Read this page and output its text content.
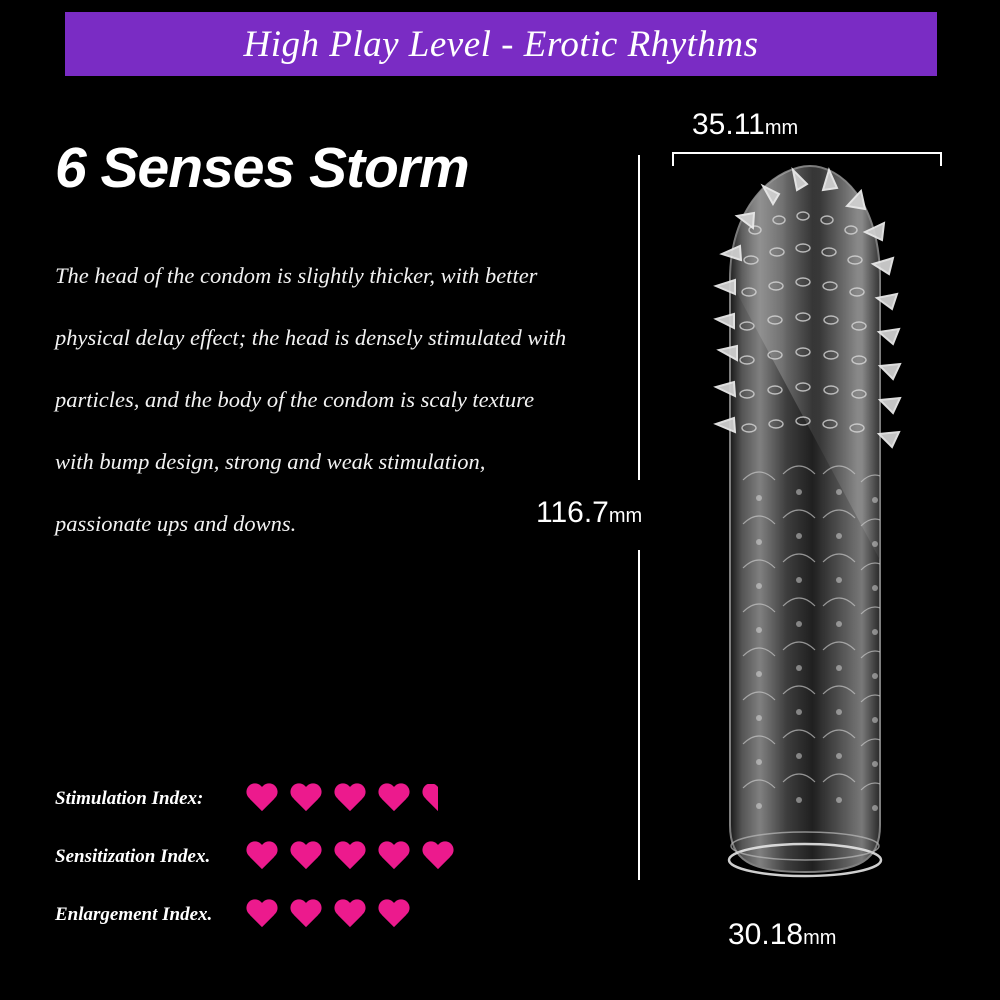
High Play Level - Erotic Rhythms
6 Senses Storm

The head of the condom is slightly thicker, with better physical delay effect; the head is densely stimulated with particles, and the body of the condom is scaly texture with bump design, strong and weak stimulation, passionate ups and downs.

Stimulation Index:
Sensitization Index.
Enlargement Index.
35.11mm
116.7mm
30.18mm
